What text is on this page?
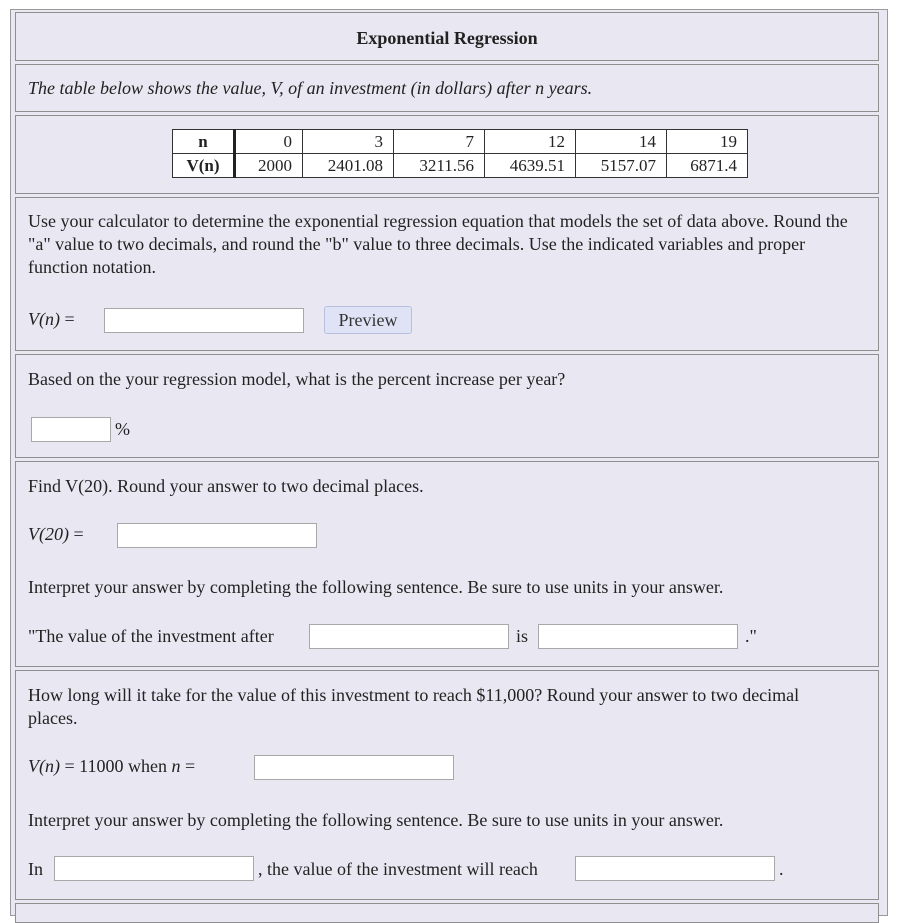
Exponential Regression
The table below shows the value, V, of an investment (in dollars) after n years.
n	0	3	7	12	14	19
V(n)	2000	2401.08	3211.56	4639.51	5157.07	6871.4
Use your calculator to determine the exponential regression equation that models the set of data above. Round the "a" value to two decimals, and round the "b" value to three decimals. Use the indicated variables and proper function notation.
V(n) =	Preview
Based on the your regression model, what is the percent increase per year?
%
Find V(20). Round your answer to two decimal places.
V(20) =
Interpret your answer by completing the following sentence. Be sure to use units in your answer.
"The value of the investment after	is	."
How long will it take for the value of this investment to reach $11,000? Round your answer to two decimal places.
V(n) = 11000 when n =
Interpret your answer by completing the following sentence. Be sure to use units in your answer.
In	, the value of the investment will reach	.
